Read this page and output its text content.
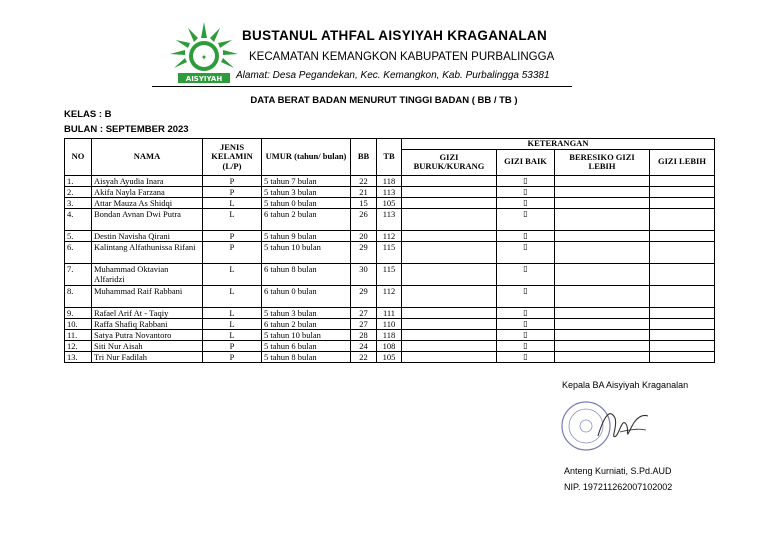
✦
AISYIYAH
BUSTANUL ATHFAL AISYIYAH KRAGANALAN
KECAMATAN KEMANGKON KABUPATEN PURBALINGGA
Alamat: Desa Pegandekan, Kec. Kemangkon, Kab. Purbalingga 53381
DATA BERAT BADAN MENURUT TINGGI BADAN ( BB / TB )
KELAS : B
BULAN : SEPTEMBER 2023
NO	NAMA	JENIS KELAMIN (L/P)	UMUR (tahun/ bulan)	BB	TB	KETERANGAN			
						GIZI BURUK/KURANG	GIZI BAIK	BERESIKO GIZI LEBIH	GIZI LEBIH
1.	Aisyah Ayudia Inara	P	5 tahun 7 bulan	22	118		▯		
2.	Akifa Nayla Farzana	P	5 tahun 3 bulan	21	113		▯		
3.	Attar Mauza As Shidqi	L	5 tahun 0 bulan	15	105		▯		
4.	Bondan Avnan Dwi Putra	L	6 tahun 2 bulan	26	113		▯		
5.	Destin Navisha Qirani	P	5 tahun 9 bulan	20	112		▯		
6.	Kalintang Alfathunissa Rifani	P	5 tahun 10 bulan	29	115		▯		
7.	Muhammad Oktavian Alfaridzi	L	6 tahun 8 bulan	30	115		▯		
8.	Muhammad Raif Rabbani	L	6 tahun 0 bulan	29	112		▯		
9.	Rafael Arif At - Taqiy	L	5 tahun 3 bulan	27	111		▯		
10.	Raffa Shafiq Rabbani	L	6 tahun 2 bulan	27	110		▯		
11.	Satya Putra Novantoro	L	5 tahun 10 bulan	28	118		▯		
12.	Siti Nur Aisah	P	5 tahun 6 bulan	24	108		▯		
13.	Tri Nur Fadilah	P	5 tahun 8 bulan	22	105		▯		
Kepala BA Aisyiyah Kraganalan
Anteng Kurniati, S.Pd.AUD
NIP. 197211262007102002
